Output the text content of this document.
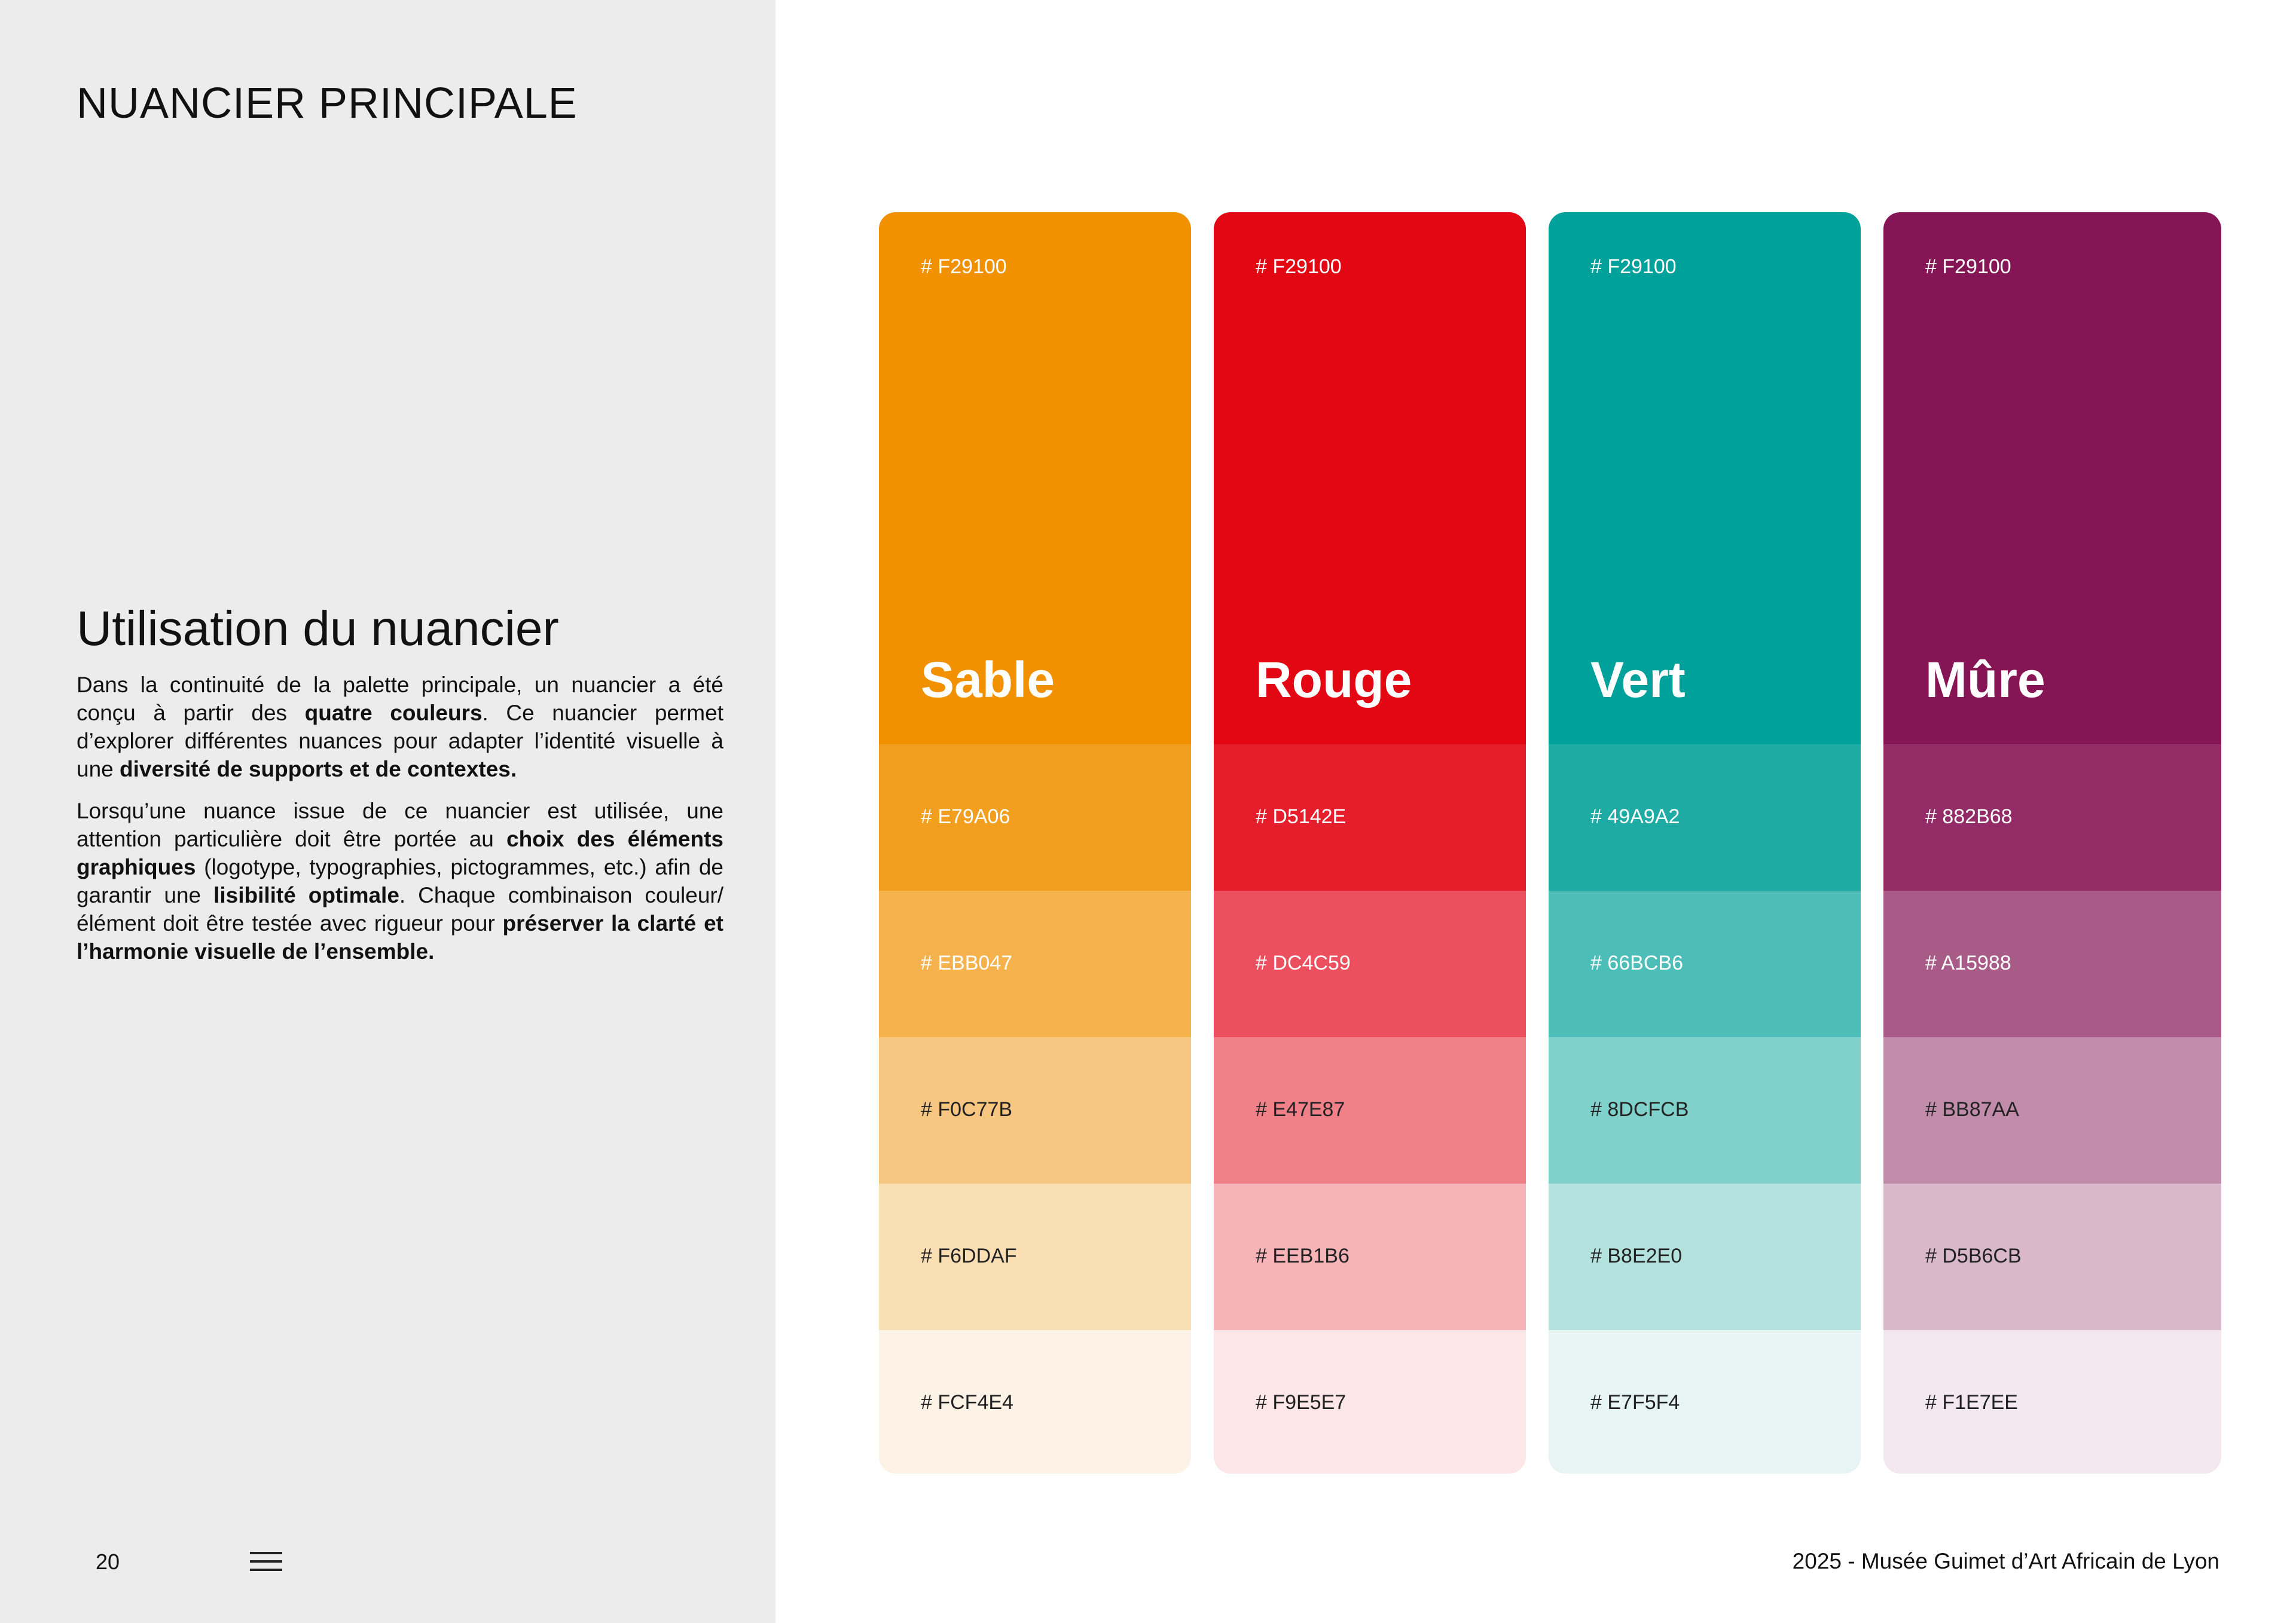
NUANCIER PRINCIPALE
Utilisation du nuancier

Dans la continuité de la palette principale, un nuancier a été conçu à partir des quatre couleurs. Ce nuancier permet d’explorer différentes nuances pour adapter l’identité visuelle à une diversité de supports et de contextes.

Lorsqu’une nuance issue de ce nuancier est utilisée, une attention particulière doit être portée au choix des éléments graphiques (logotype, typographies, pictogrammes, etc.) afin de garantir une lisibilité optimale. Chaque combinaison couleur/élément doit être testée avec rigueur pour préserver la clarté et l’harmonie visuelle de l’ensemble.

20	2025 - Musée Guimet d’Art Africain de Lyon
# F29100
Sable
# E79A06
# EBB047
# F0C77B
# F6DDAF
# FCF4E4
# F29100
Rouge
# D5142E
# DC4C59
# E47E87
# EEB1B6
# F9E5E7
# F29100
Vert
# 49A9A2
# 66BCB6
# 8DCFCB
# B8E2E0
# E7F5F4
# F29100
Mûre
# 882B68
# A15988
# BB87AA
# D5B6CB
# F1E7EE
